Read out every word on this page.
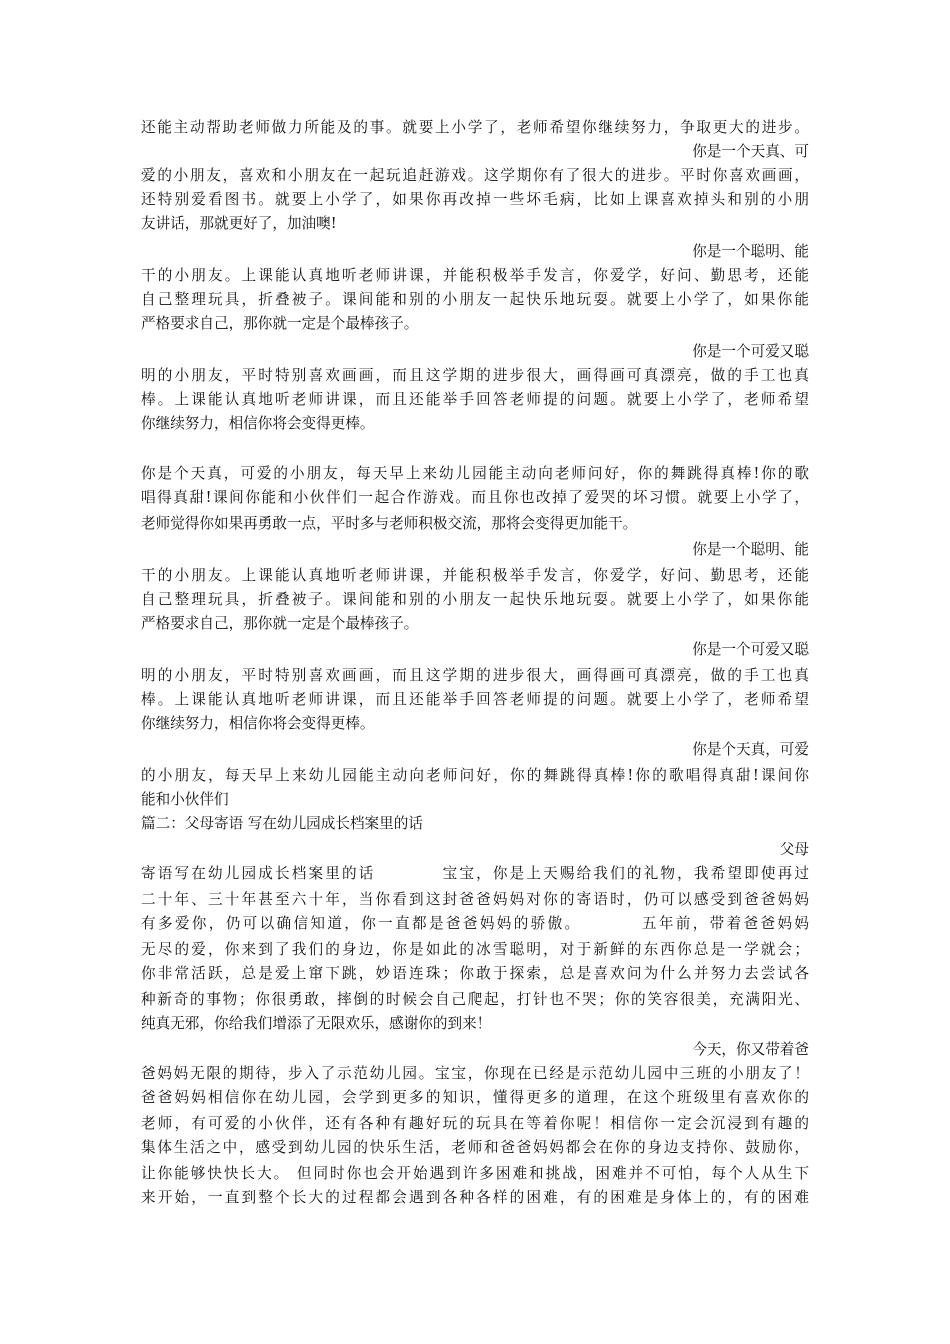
还能主动帮助老师做力所能及的事。就要上小学了，老师希望你继续努力，争取更大的进步。
你是一个天真、可
爱的小朋友，喜欢和小朋友在一起玩追赶游戏。这学期你有了很大的进步。平时你喜欢画画，
还特别爱看图书。就要上小学了，如果你再改掉一些坏毛病，比如上课喜欢掉头和别的小朋
友讲话，那就更好了，加油噢!
你是一个聪明、能
干的小朋友。上课能认真地听老师讲课，并能积极举手发言，你爱学，好问、勤思考，还能
自己整理玩具，折叠被子。课间能和别的小朋友一起快乐地玩耍。就要上小学了，如果你能
严格要求自己，那你就一定是个最棒孩子。
你是一个可爱又聪
明的小朋友，平时特别喜欢画画，而且这学期的进步很大，画得画可真漂亮，做的手工也真
棒。上课能认真地听老师讲课，而且还能举手回答老师提的问题。就要上小学了，老师希望
你继续努力，相信你将会变得更棒。
你是个天真，可爱的小朋友，每天早上来幼儿园能主动向老师问好，你的舞跳得真棒!你的歌
唱得真甜!课间你能和小伙伴们一起合作游戏。而且你也改掉了爱哭的坏习惯。就要上小学了，
老师觉得你如果再勇敢一点，平时多与老师积极交流，那将会变得更加能干。
你是一个聪明、能
干的小朋友。上课能认真地听老师讲课，并能积极举手发言，你爱学，好问、勤思考，还能
自己整理玩具，折叠被子。课间能和别的小朋友一起快乐地玩耍。就要上小学了，如果你能
严格要求自己，那你就一定是个最棒孩子。
你是一个可爱又聪
明的小朋友，平时特别喜欢画画，而且这学期的进步很大，画得画可真漂亮，做的手工也真
棒。上课能认真地听老师讲课，而且还能举手回答老师提的问题。就要上小学了，老师希望
你继续努力，相信你将会变得更棒。
你是个天真，可爱
的小朋友，每天早上来幼儿园能主动向老师问好，你的舞跳得真棒!你的歌唱得真甜!课间你
能和小伙伴们
篇二：父母寄语 写在幼儿园成长档案里的话
父母
寄语写在幼儿园成长档案里的话　　　　宝宝，你是上天赐给我们的礼物，我希望即使再过
二十年、三十年甚至六十年，当你看到这封爸爸妈妈对你的寄语时，仍可以感受到爸爸妈妈
有多爱你，仍可以确信知道，你一直都是爸爸妈妈的骄傲。　　　　五年前，带着爸爸妈妈
无尽的爱，你来到了我们的身边，你是如此的冰雪聪明，对于新鲜的东西你总是一学就会；
你非常活跃，总是爱上窜下跳，妙语连珠；你敢于探索，总是喜欢问为什么并努力去尝试各
种新奇的事物；你很勇敢，摔倒的时候会自己爬起，打针也不哭；你的笑容很美，充满阳光、
纯真无邪，你给我们增添了无限欢乐，感谢你的到来！
今天，你又带着爸
爸妈妈无限的期待，步入了示范幼儿园。宝宝，你现在已经是示范幼儿园中三班的小朋友了！
爸爸妈妈相信你在幼儿园，会学到更多的知识，懂得更多的道理，在这个班级里有喜欢你的
老师，有可爱的小伙伴，还有各种有趣好玩的玩具在等着你呢！相信你一定会沉浸到有趣的
集体生活之中，感受到幼儿园的快乐生活，老师和爸爸妈妈都会在你的身边支持你、鼓励你，
让你能够快快长大。 但同时你也会开始遇到许多困难和挑战，困难并不可怕，每个人从生下
来开始，一直到整个长大的过程都会遇到各种各样的困难，有的困难是身体上的，有的困难
